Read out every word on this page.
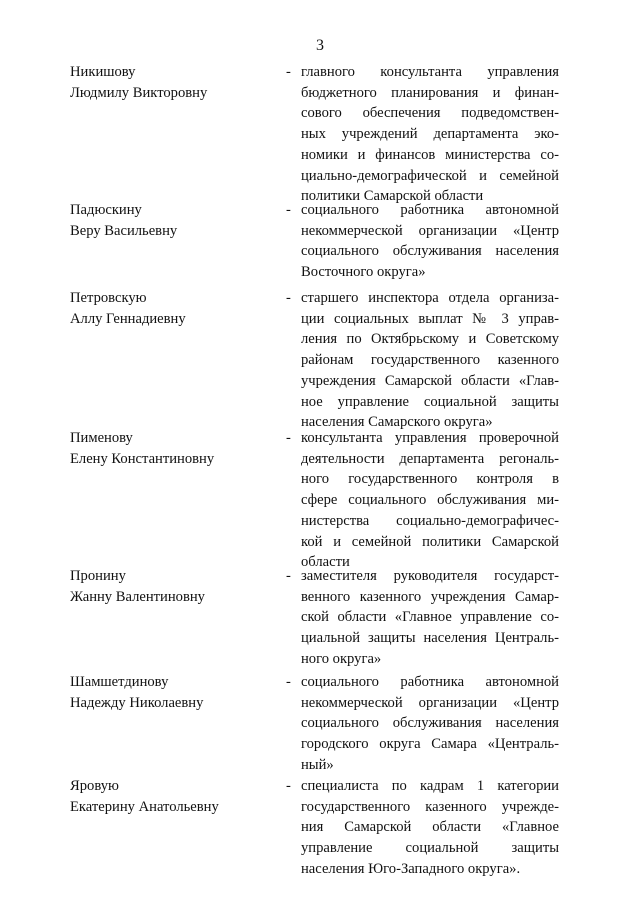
3
Никишову
Людмилу Викторовну
- главного консультанта управления
бюджетного планирования и финан-
сового обеспечения подведомствен-
ных учреждений департамента эко-
номики и финансов министерства со-
циально-демографической и семейной
политики Самарской области
Падюскину
Веру Васильевну
- социального работника автономной
некоммерческой организации «Центр
социального обслуживания населения
Восточного округа»
Петровскую
Аллу Геннадиевну
- старшего инспектора отдела организа-
ции социальных выплат № 3 управ-
ления по Октябрьскому и Советскому
районам государственного казенного
учреждения Самарской области «Глав-
ное управление социальной защиты
населения Самарского округа»
Пименову
Елену Константиновну
- консультанта управления проверочной
деятельности департамента регональ-
ного государственного контроля в
сфере социального обслуживания ми-
нистерства социально-демографичес-
кой и семейной политики Самарской
области
Пронину
Жанну Валентиновну
- заместителя руководителя государст-
венного казенного учреждения Самар-
ской области «Главное управление со-
циальной защиты населения Централь-
ного округа»
Шамшетдинову
Надежду Николаевну
- социального работника автономной
некоммерческой организации «Центр
социального обслуживания населения
городского округа Самара «Централь-
ный»
Яровую
Екатерину Анатольевну
- специалиста по кадрам 1 категории
государственного казенного учрежде-
ния Самарской области «Главное
управление социальной защиты
населения Юго-Западного округа».
